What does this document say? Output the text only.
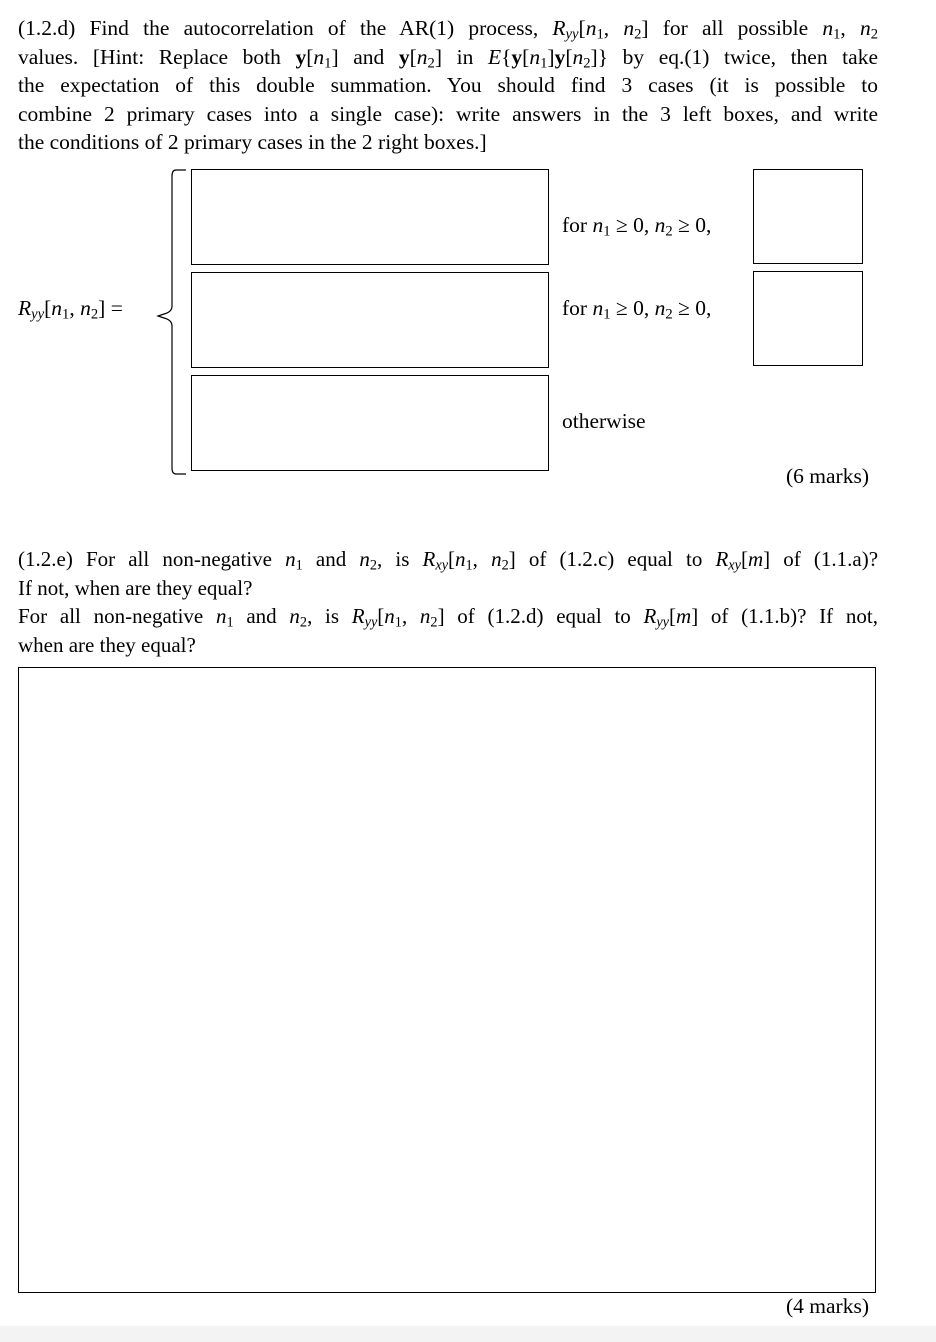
(1.2.d) Find the autocorrelation of the AR(1) process, $R_{yy}[n_1$, $n_2$] for all possible $n_1$, $n_2$
values. [Hint: Replace both $y[n_1]$ and $y[n_2]$ in $E\{y[n_1]y[n_2]\}$ by eq.(1) twice, then take
the expectation of this double summation. You should find 3 cases (it is possible to
combine 2 primary cases into a single case): write answers in the 3 left boxes, and write
the conditions of 2 primary cases in the 2 right boxes.]
$R_{yy}[n_1$, $n_2$] =
for $n_1 \ge 0$, $n_2 \ge 0$,
for $n_1 \ge 0$, $n_2 \ge 0$,
otherwise
(6 marks)
(1.2.e) For all non-negative $n_1$ and $n_2$, is $R_{xy}[n_1$, $n_2$] of (1.2.c) equal to $R_{xy}[m]$ of (1.1.a)?
If not, when are they equal?
For all non-negative $n_1$ and $n_2$, is $R_{yy}[n_1$, $n_2$] of (1.2.d) equal to $R_{yy}[m]$ of (1.1.b)? If not,
when are they equal?
(4 marks)
